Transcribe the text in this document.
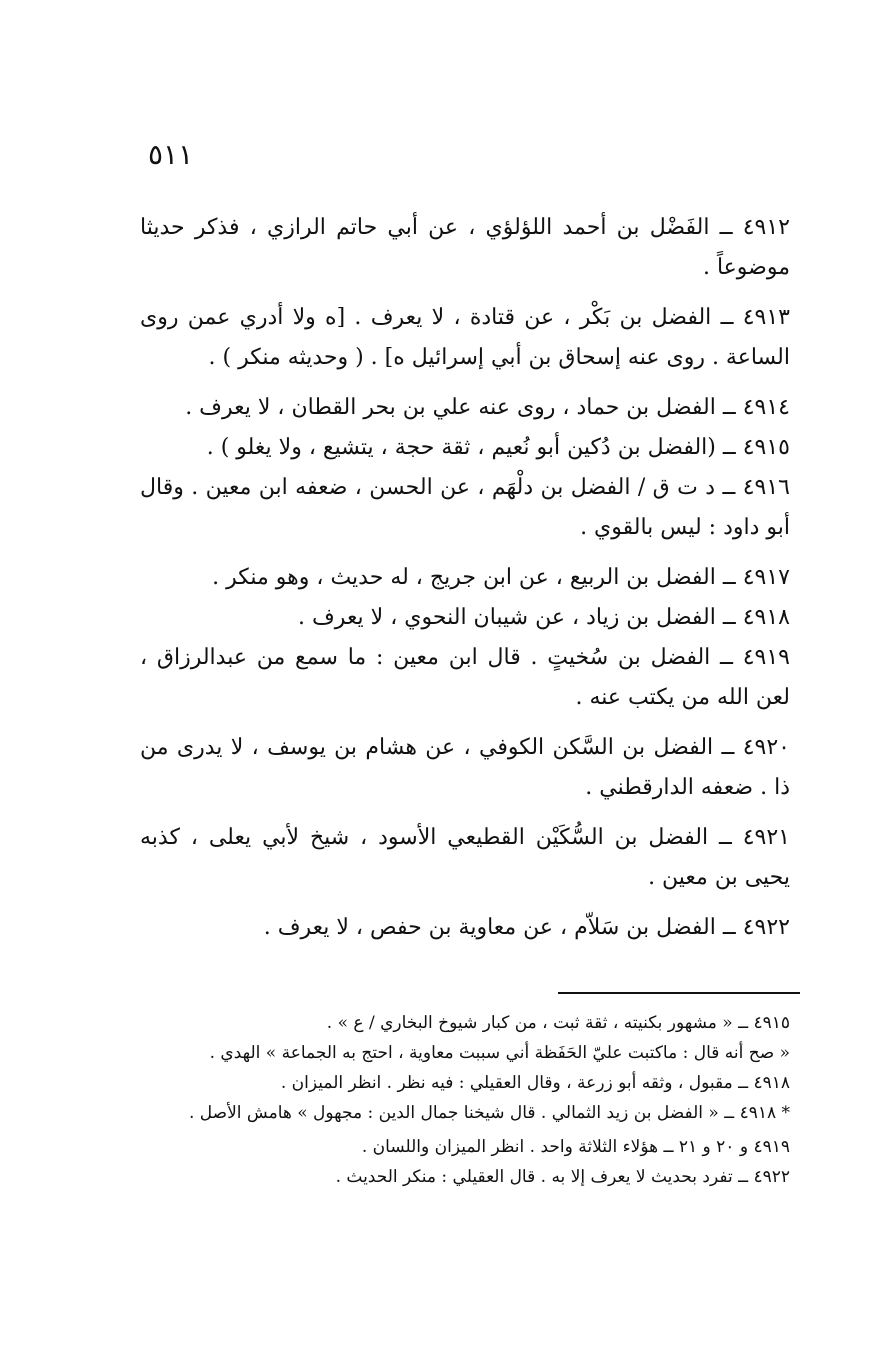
٥١١

٤٩١٢ ــ الفَضْل بن أحمد اللؤلؤي ، عن أبي حاتم الرازي ، فذكر حديثا موضوعاً .

٤٩١٣ ــ الفضل بن بَكْر ، عن قتادة ، لا يعرف . [ه ولا أدري عمن روى الساعة . روى عنه إسحاق بن أبي إسرائيل ه] . ( وحديثه منكر ) .

٤٩١٤ ــ الفضل بن حماد ، روى عنه علي بن بحر القطان ، لا يعرف .

٤٩١٥ ــ (الفضل بن دُكين أبو نُعيم ، ثقة حجة ، يتشيع ، ولا يغلو ) .

٤٩١٦ ــ د ت ق / الفضل بن دلْهَم ، عن الحسن ، ضعفه ابن معين . وقال أبو داود : ليس بالقوي .

٤٩١٧ ــ الفضل بن الربيع ، عن ابن جريج ، له حديث ، وهو منكر .

٤٩١٨ ــ الفضل بن زياد ، عن شيبان النحوي ، لا يعرف .

٤٩١٩ ــ الفضل بن سُخيتٍ . قال ابن معين : ما سمع من عبدالرزاق ، لعن الله من يكتب عنه .

٤٩٢٠ ــ الفضل بن السَّكن الكوفي ، عن هشام بن يوسف ، لا يدرى من ذا . ضعفه الدارقطني .

٤٩٢١ ــ الفضل بن السُّكَيْن القطيعي الأسود ، شيخ لأبي يعلى ، كذبه يحيى بن معين .

٤٩٢٢ ــ الفضل بن سَلاّم ، عن معاوية بن حفص ، لا يعرف .

٤٩١٥ ــ « مشهور بكنيته ، ثقة ثبت ، من كبار شيوخ البخاري / ع » .

« صح أنه قال : ماكتبت عليّ الحَفَظة أني سببت معاوية ، احتج به الجماعة » الهدي .

٤٩١٨ ــ مقبول ، وثقه أبو زرعة ، وقال العقيلي : فيه نظر . انظر الميزان .

* ٤٩١٨ ــ « الفضل بن زيد الثمالي . قال شيخنا جمال الدين : مجهول » هامش الأصل .

٤٩١٩ و ٢٠ و ٢١ ــ هؤلاء الثلاثة واحد . انظر الميزان واللسان .

٤٩٢٢ ــ تفرد بحديث لا يعرف إلا به . قال العقيلي : منكر الحديث .
